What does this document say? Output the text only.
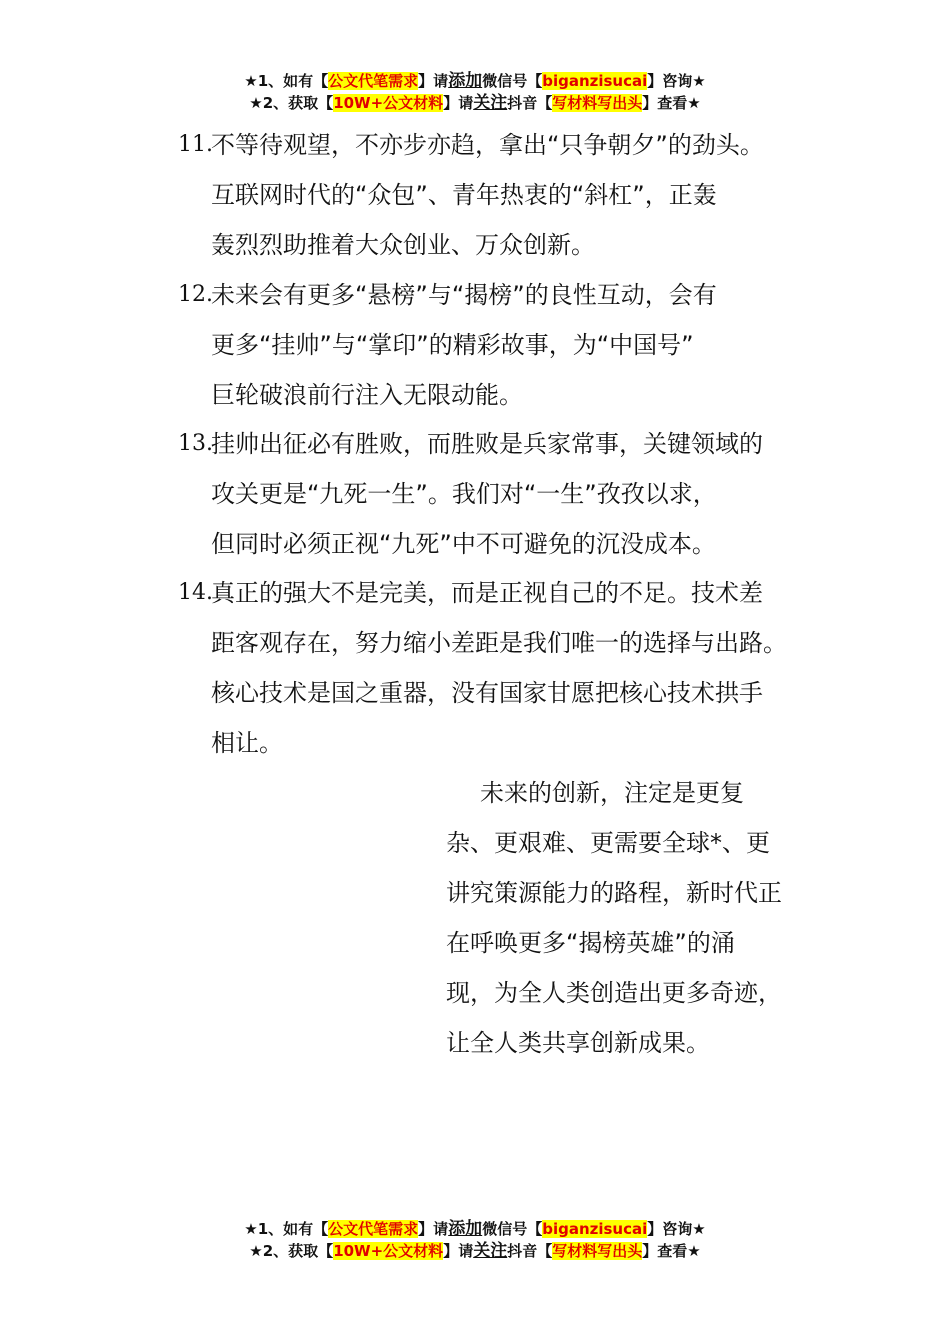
★1、如有【公文代笔需求】请添加微信号【biganzisucai】咨询★
★2、获取【10W+公文材料】请关注抖音【写材料写出头】查看★
11.
不等待观望，不亦步亦趋，拿出“只争朝夕”的劲头。
互联网时代的“众包”、青年热衷的“斜杠”，正轰
轰烈烈助推着大众创业、万众创新。
12.
未来会有更多“悬榜”与“揭榜”的良性互动，会有
更多“挂帅”与“掌印”的精彩故事，为“中国号”
巨轮破浪前行注入无限动能。
13.
挂帅出征必有胜败，而胜败是兵家常事，关键领域的
攻关更是“九死一生”。我们对“一生”孜孜以求，
但同时必须正视“九死”中不可避免的沉没成本。
14.
真正的强大不是完美，而是正视自己的不足。技术差
距客观存在，努力缩小差距是我们唯一的选择与出路。
核心技术是国之重器，没有国家甘愿把核心技术拱手
相让。
未来的创新，注定是更复
杂、更艰难、更需要全球*、更
讲究策源能力的路程，新时代正
在呼唤更多“揭榜英雄”的涌
现，为全人类创造出更多奇迹，
让全人类共享创新成果。
★1、如有【公文代笔需求】请添加微信号【biganzisucai】咨询★
★2、获取【10W+公文材料】请关注抖音【写材料写出头】查看★
